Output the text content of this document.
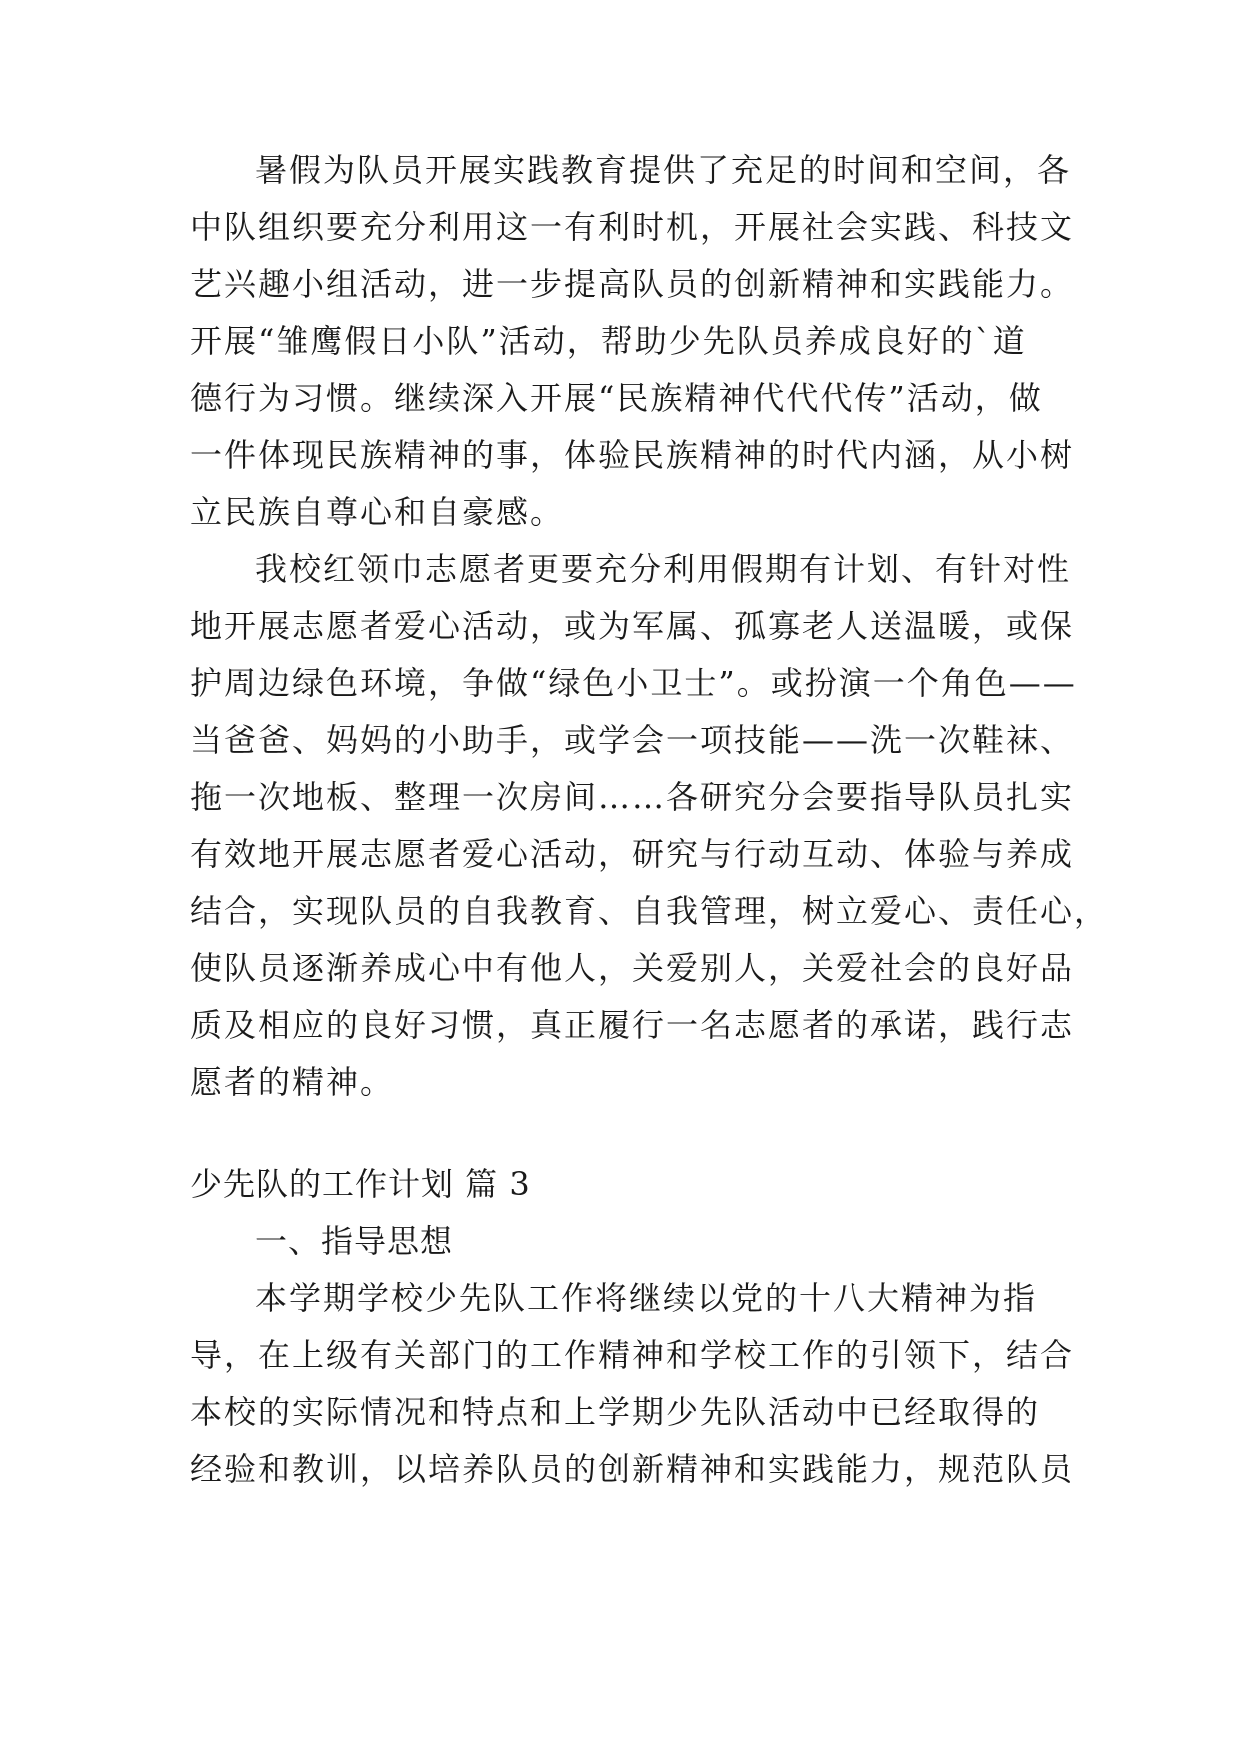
暑假为队员开展实践教育提供了充足的时间和空间，各
中队组织要充分利用这一有利时机，开展社会实践、科技文
艺兴趣小组活动，进一步提高队员的创新精神和实践能力。
开展“雏鹰假日小队”活动，帮助少先队员养成良好的`道
德行为习惯。继续深入开展“民族精神代代代传”活动，做
一件体现民族精神的事，体验民族精神的时代内涵，从小树
立民族自尊心和自豪感。
我校红领巾志愿者更要充分利用假期有计划、有针对性
地开展志愿者爱心活动，或为军属、孤寡老人送温暖，或保
护周边绿色环境，争做“绿色小卫士”。或扮演一个角色——
当爸爸、妈妈的小助手，或学会一项技能——洗一次鞋袜、
拖一次地板、整理一次房间……各研究分会要指导队员扎实
有效地开展志愿者爱心活动，研究与行动互动、体验与养成
结合，实现队员的自我教育、自我管理，树立爱心、责任心，
使队员逐渐养成心中有他人，关爱别人，关爱社会的良好品
质及相应的良好习惯，真正履行一名志愿者的承诺，践行志
愿者的精神。
少先队的工作计划 篇 3
一、指导思想
本学期学校少先队工作将继续以党的十八大精神为指
导，在上级有关部门的工作精神和学校工作的引领下，结合
本校的实际情况和特点和上学期少先队活动中已经取得的
经验和教训，以培养队员的创新精神和实践能力，规范队员
